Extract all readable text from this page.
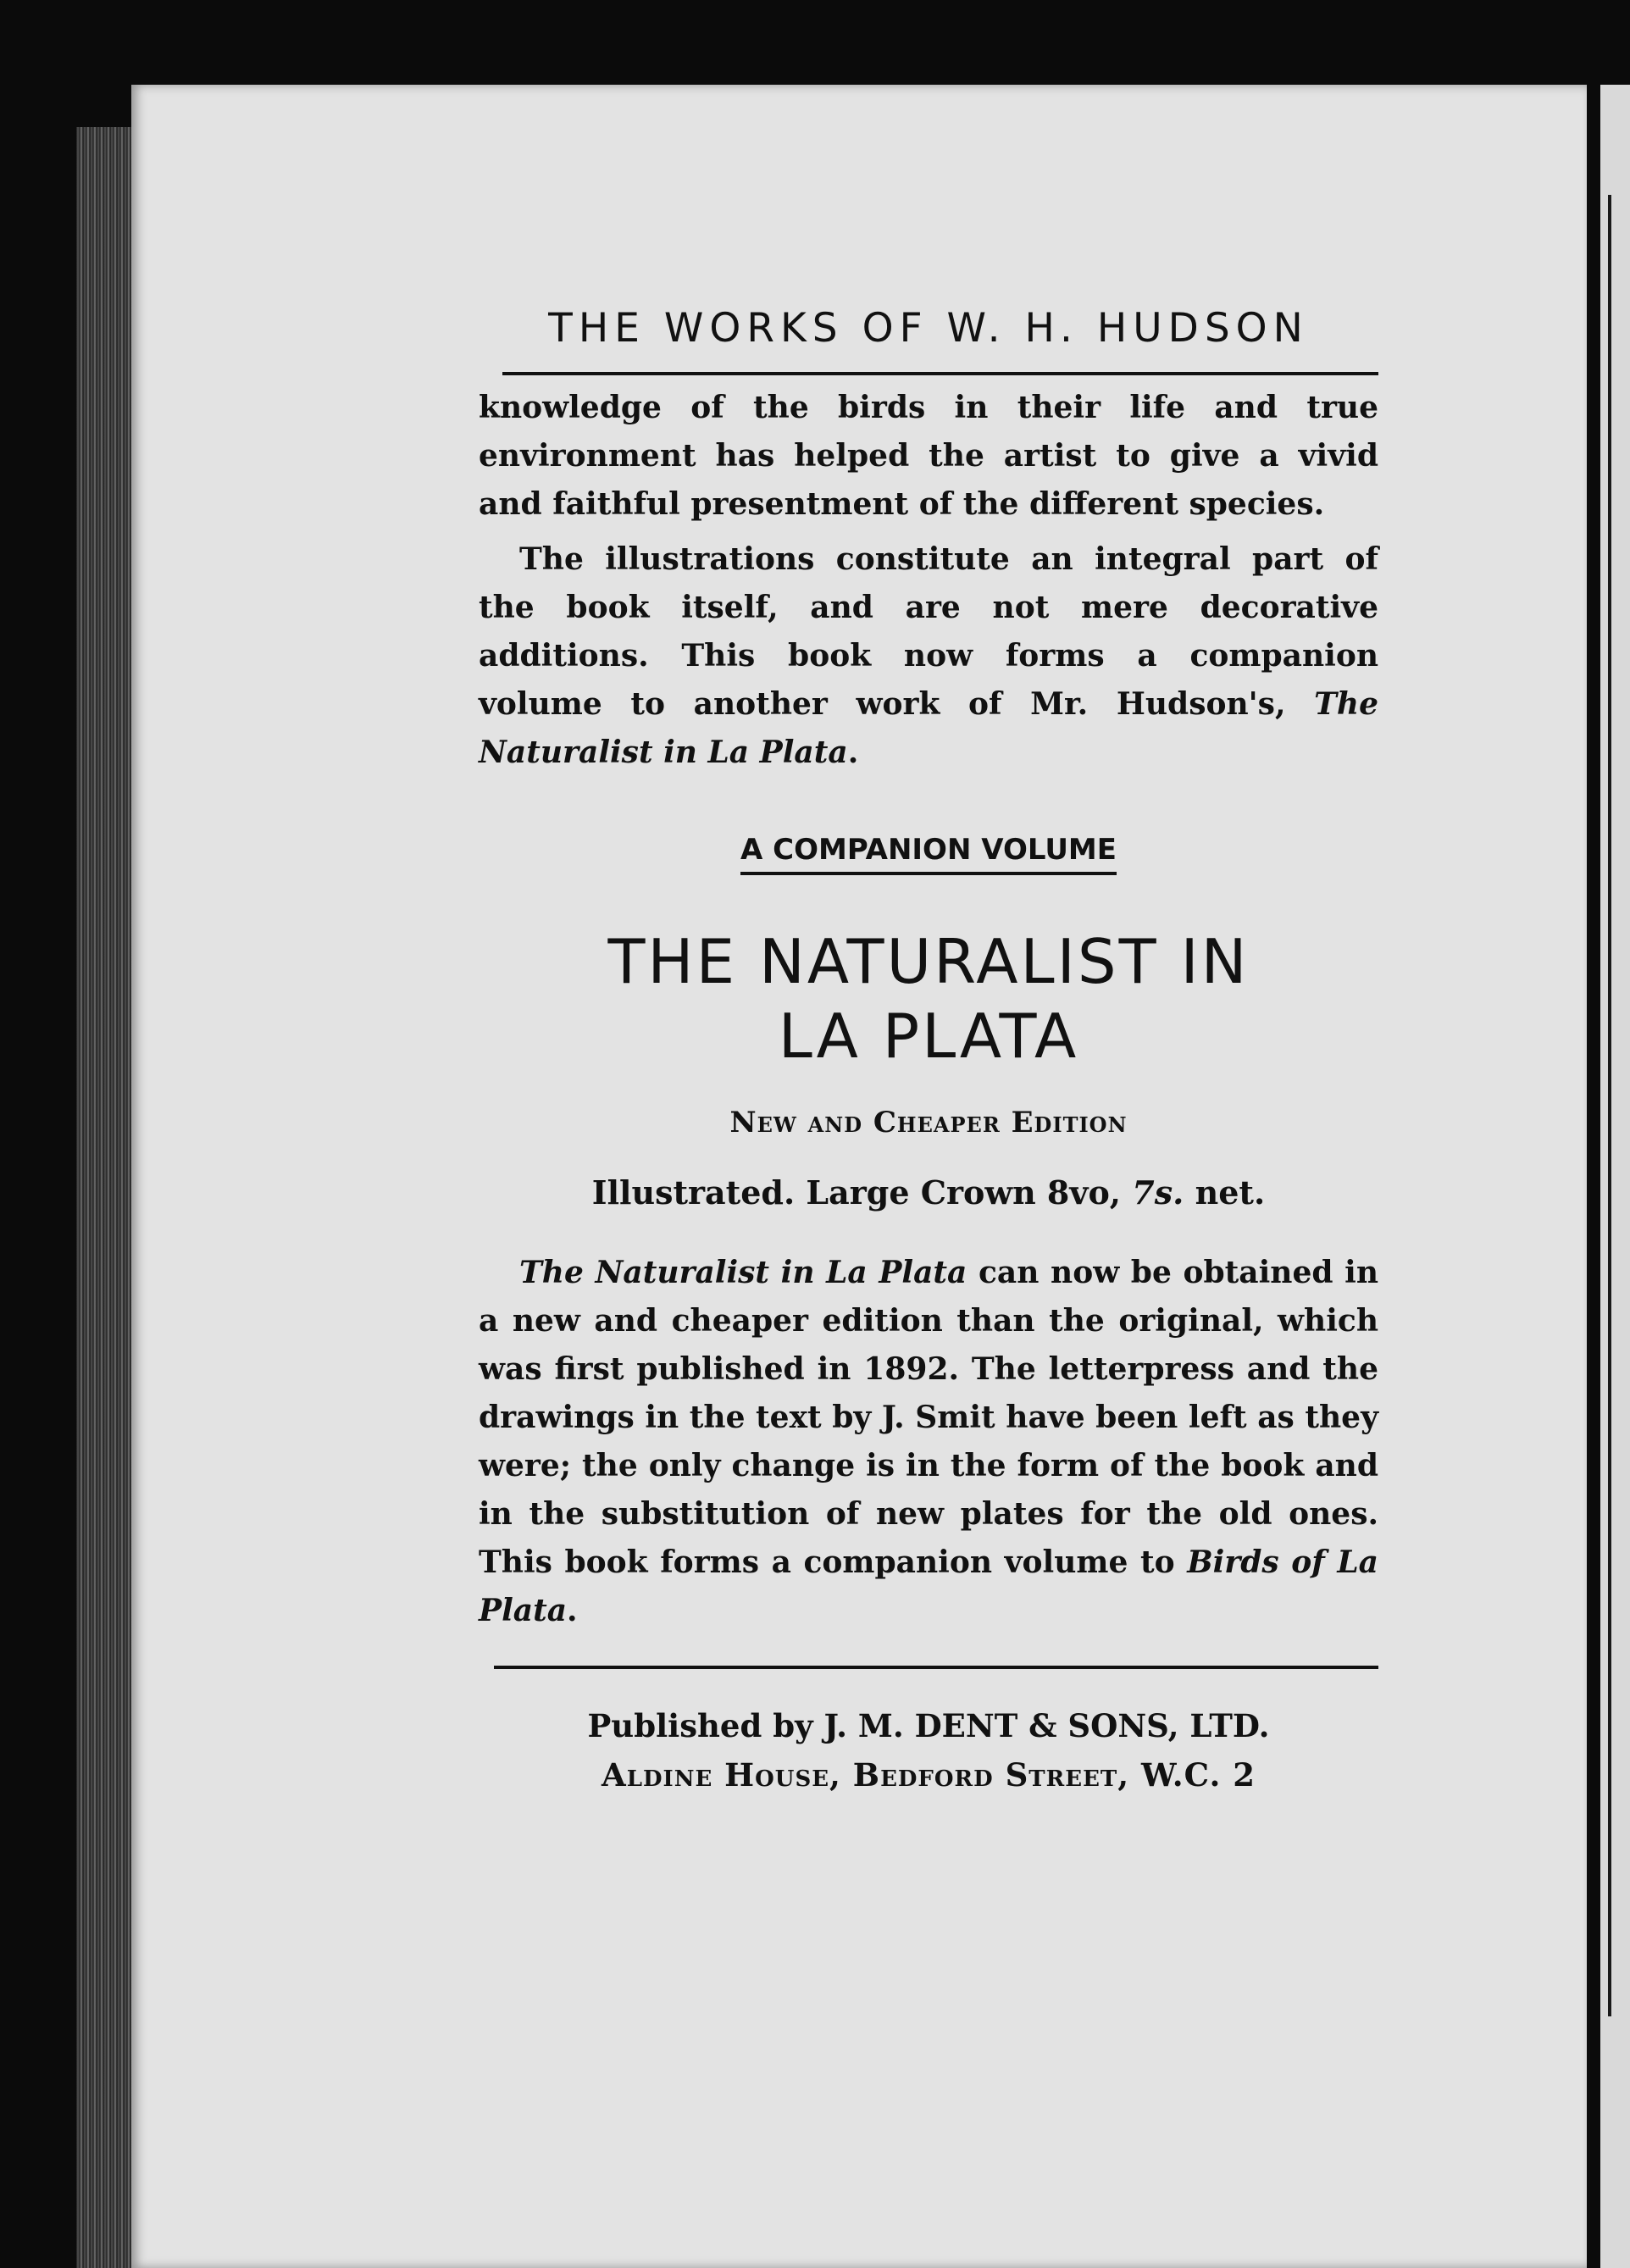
THE WORKS OF W. H. HUDSON

knowledge of the birds in their life and true environment has helped the artist to give a vivid and faithful presentment of the different species.

The illustrations constitute an integral part of the book itself, and are not mere decorative additions. This book now forms a companion volume to another work of Mr. Hudson's, The Naturalist in La Plata.

A COMPANION VOLUME
THE NATURALIST IN
LA PLATA
New and Cheaper Edition
Illustrated. Large Crown 8vo, 7s. net.

The Naturalist in La Plata can now be obtained in a new and cheaper edition than the original, which was first published in 1892. The letterpress and the drawings in the text by J. Smit have been left as they were; the only change is in the form of the book and in the substitution of new plates for the old ones. This book forms a companion volume to Birds of La Plata.

Published by J. M. DENT & SONS, LTD.
Aldine House, Bedford Street, W.C. 2
